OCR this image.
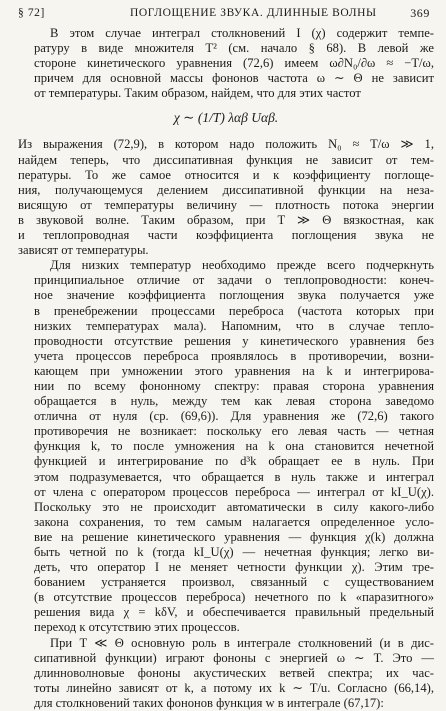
§ 72]	ПОГЛОЩЕНИЕ ЗВУКА. ДЛИННЫЕ ВОЛНЫ	369
В этом случае интеграл столкновений I (χ) содержит темпе-
ратуру в виде множителя T² (см. начало § 68). В левой же
стороне кинетического уравнения (72,6) имеем ω∂N₀/∂ω ≈ −T/ω,
причем для основной массы фононов частота ω ∼ Θ не зависит
от температуры. Таким образом, найдем, что для этих частот
χ ∼ (1/T) λαβ Uαβ.
Из выражения (72,9), в котором надо положить N₀ ≈ T/ω ≫ 1,
найдем теперь, что диссипативная функция не зависит от тем-
пературы. То же самое относится и к коэффициенту поглоще-
ния, получающемуся делением диссипативной функции на неза-
висящую от температуры величину — плотность потока энергии
в звуковой волне. Таким образом, при T ≫ Θ вязкостная, как
и теплопроводная части коэффициента поглощения звука не
зависят от температуры.
Для низких температур необходимо прежде всего подчеркнуть
принципиальное отличие от задачи о теплопроводности: конеч-
ное значение коэффициента поглощения звука получается уже
в пренебрежении процессами переброса (частота которых при
низких температурах мала). Напомним, что в случае тепло-
проводности отсутствие решения у кинетического уравнения без
учета процессов переброса проявлялось в противоречии, возни-
кающем при умножении этого уравнения на k и интегрирова-
нии по всему фононному спектру: правая сторона уравнения
обращается в нуль, между тем как левая сторона заведомо
отлична от нуля (ср. (69,6)). Для уравнения же (72,6) такого
противоречия не возникает: поскольку его левая часть — четная
функция k, то после умножения на k она становится нечетной
функцией и интегрирование по d³k обращает ее в нуль. При
этом подразумевается, что обращается в нуль также и интеграл
от члена с оператором процессов переброса — интеграл от kI_U(χ).
Поскольку это не происходит автоматически в силу какого-либо
закона сохранения, то тем самым налагается определенное усло-
вие на решение кинетического уравнения — функция χ(k) должна
быть четной по k (тогда kI_U(χ) — нечетная функция; легко ви-
деть, что оператор I не меняет четности функции χ). Этим тре-
бованием устраняется произвол, связанный с существованием
(в отсутствие процессов переброса) нечетного по k «паразитного»
решения вида χ = kδV, и обеспечивается правильный предельный
переход к отсутствию этих процессов.
При T ≪ Θ основную роль в интеграле столкновений (и в дис-
сипативной функции) играют фононы с энергией ω ∼ T. Это —
длинноволновые фононы акустических ветвей спектра; их час-
тоты линейно зависят от k, а потому их k ∼ T/u. Согласно (66,14),
для столкновений таких фононов функция w в интеграле (67,17):
